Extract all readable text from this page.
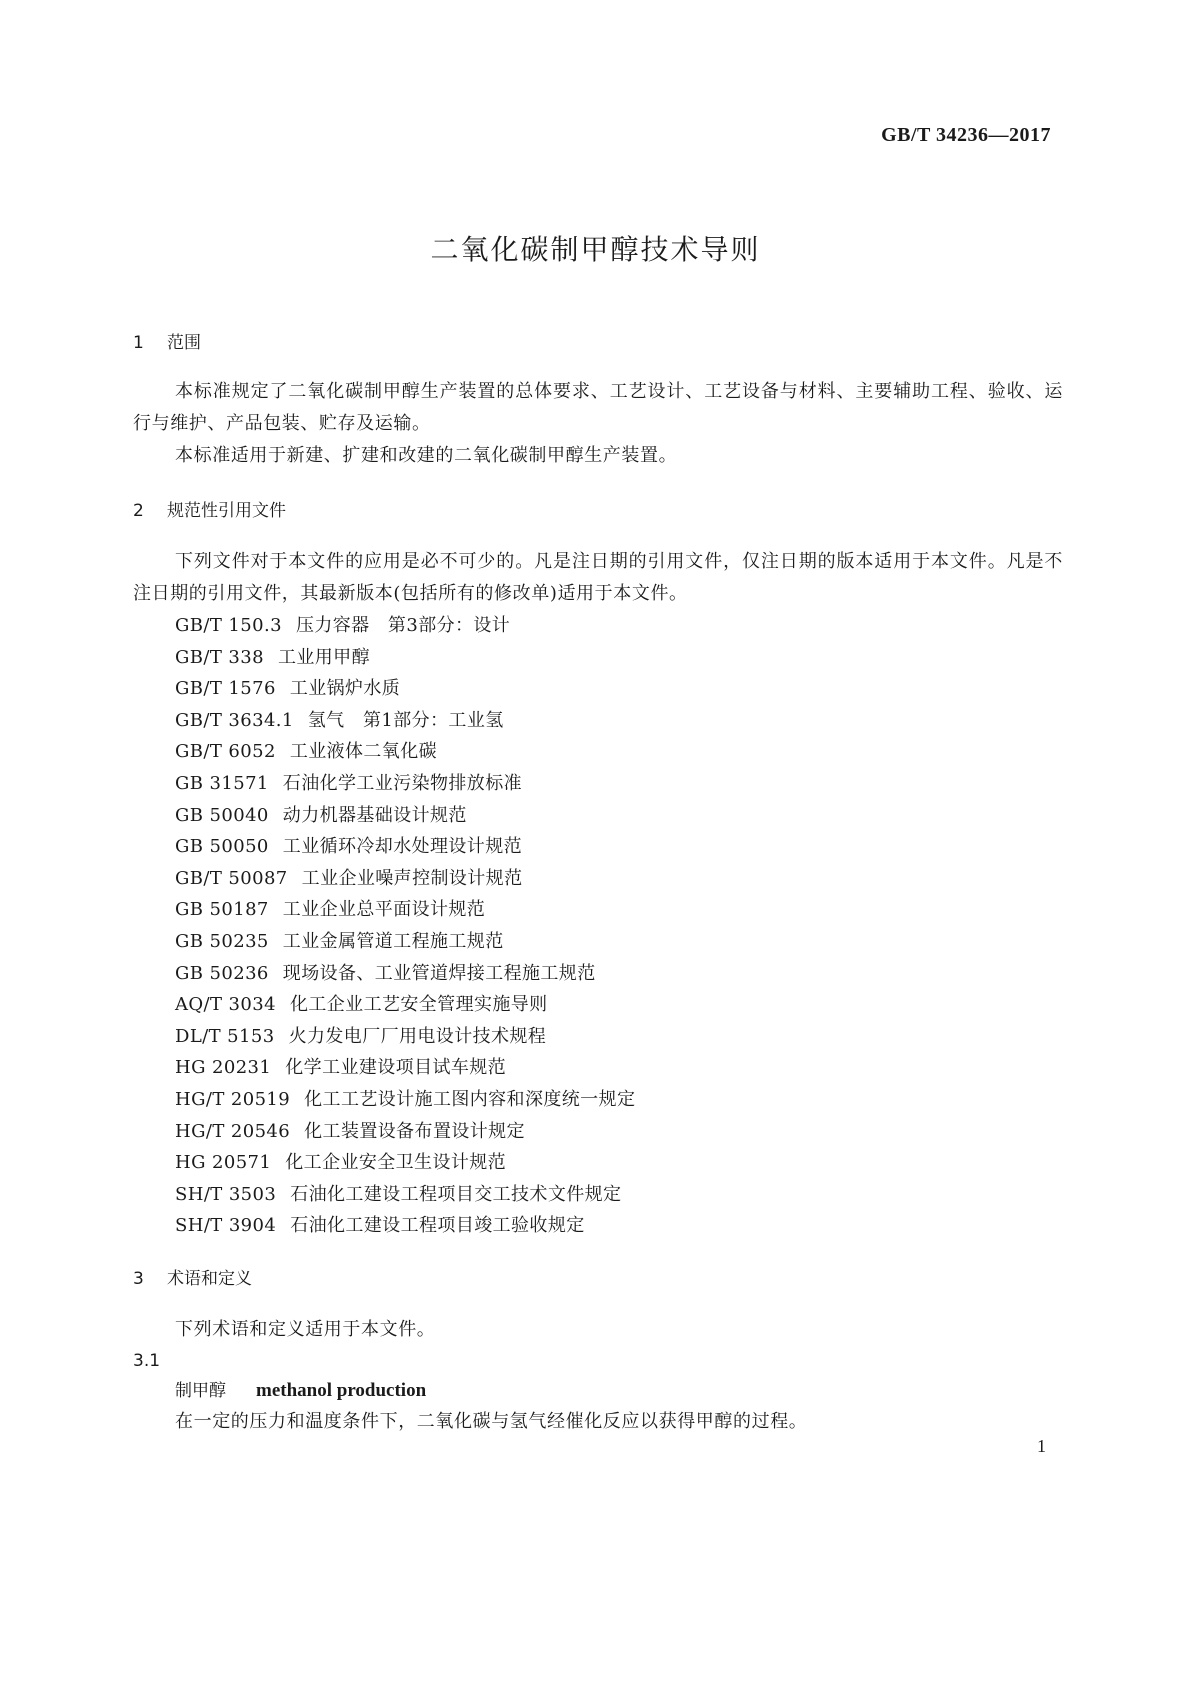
GB/T 34236—2017
二氧化碳制甲醇技术导则
1	范围
本标准规定了二氧化碳制甲醇生产装置的总体要求、工艺设计、工艺设备与材料、主要辅助工程、验收、运行与维护、产品包装、贮存及运输。
本标准适用于新建、扩建和改建的二氧化碳制甲醇生产装置。
2	规范性引用文件
下列文件对于本文件的应用是必不可少的。凡是注日期的引用文件，仅注日期的版本适用于本文件。凡是不注日期的引用文件，其最新版本(包括所有的修改单)适用于本文件。
GB/T 150.3 压力容器　第3部分：设计
GB/T 338 工业用甲醇
GB/T 1576 工业锅炉水质
GB/T 3634.1 氢气　第1部分：工业氢
GB/T 6052 工业液体二氧化碳
GB 31571 石油化学工业污染物排放标准
GB 50040 动力机器基础设计规范
GB 50050 工业循环冷却水处理设计规范
GB/T 50087 工业企业噪声控制设计规范
GB 50187 工业企业总平面设计规范
GB 50235 工业金属管道工程施工规范
GB 50236 现场设备、工业管道焊接工程施工规范
AQ/T 3034 化工企业工艺安全管理实施导则
DL/T 5153 火力发电厂厂用电设计技术规程
HG 20231 化学工业建设项目试车规范
HG/T 20519 化工工艺设计施工图内容和深度统一规定
HG/T 20546 化工装置设备布置设计规定
HG 20571 化工企业安全卫生设计规范
SH/T 3503 石油化工建设工程项目交工技术文件规定
SH/T 3904 石油化工建设工程项目竣工验收规定
3	术语和定义
下列术语和定义适用于本文件。
3.1
制甲醇 methanol production
在一定的压力和温度条件下，二氧化碳与氢气经催化反应以获得甲醇的过程。
1
